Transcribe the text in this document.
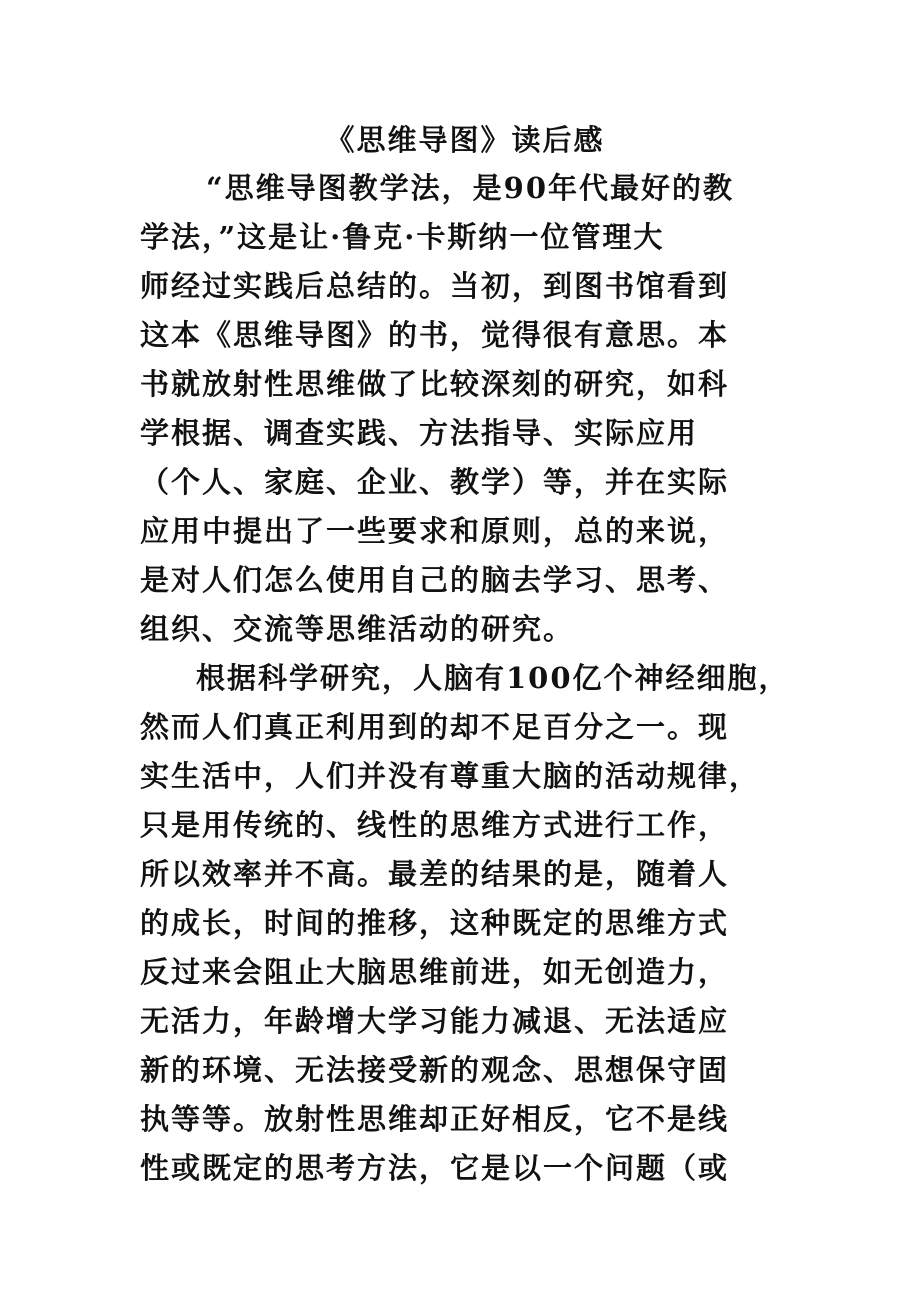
《思维导图》读后感
“思维导图教学法，是90年代最好的教
学法，”这是让·鲁克·卡斯纳一位管理大
师经过实践后总结的。当初，到图书馆看到
这本《思维导图》的书，觉得很有意思。本
书就放射性思维做了比较深刻的研究，如科
学根据、调查实践、方法指导、实际应用
（个人、家庭、企业、教学）等，并在实际
应用中提出了一些要求和原则，总的来说，
是对人们怎么使用自己的脑去学习、思考、
组织、交流等思维活动的研究。
根据科学研究，人脑有100亿个神经细胞，
然而人们真正利用到的却不足百分之一。现
实生活中，人们并没有尊重大脑的活动规律，
只是用传统的、线性的思维方式进行工作，
所以效率并不高。最差的结果的是，随着人
的成长，时间的推移，这种既定的思维方式
反过来会阻止大脑思维前进，如无创造力，
无活力，年龄增大学习能力减退、无法适应
新的环境、无法接受新的观念、思想保守固
执等等。放射性思维却正好相反，它不是线
性或既定的思考方法，它是以一个问题（或
